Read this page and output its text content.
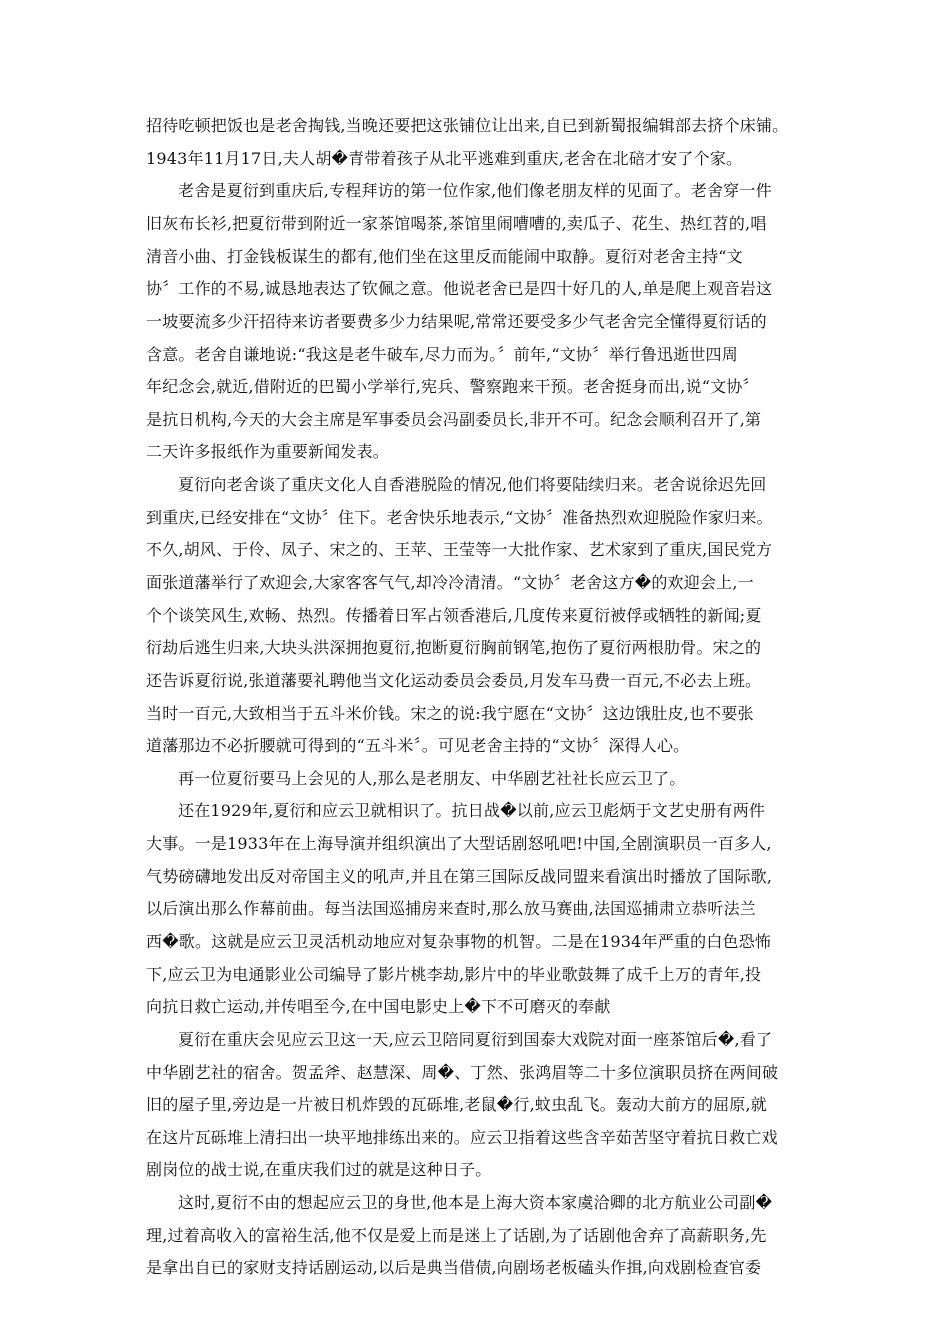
招待吃顿把饭也是老舍掏钱,当晚还要把这张铺位让出来,自已到新蜀报编辑部去挤个床铺。
1943年11月17日,夫人胡�青带着孩子从北平逃难到重庆,老舍在北碚才安了个家。
老舍是夏衍到重庆后,专程拜访的第一位作家,他们像老朋友样的见面了。老舍穿一件
旧灰布长衫,把夏衍带到附近一家茶馆喝茶,茶馆里闹嘈嘈的,卖瓜子、花生、热红苕的,唱
清音小曲、打金钱板谋生的都有,他们坐在这里反而能闹中取静。夏衍对老舍主持“文
协〞工作的不易,诚恳地表达了钦佩之意。他说老舍已是四十好几的人,单是爬上观音岩这
一坡要流多少汗招待来访者要费多少力结果呢,常常还要受多少气老舍完全懂得夏衍话的
含意。老舍自谦地说:“我这是老牛破车,尽力而为。〞前年,“文协〞举行鲁迅逝世四周
年纪念会,就近,借附近的巴蜀小学举行,宪兵、警察跑来干预。老舍挺身而出,说“文协〞
是抗日机构,今天的大会主席是军事委员会冯副委员长,非开不可。纪念会顺利召开了,第
二天许多报纸作为重要新闻发表。
夏衍向老舍谈了重庆文化人自香港脱险的情况,他们将要陆续归来。老舍说徐迟先回
到重庆,已经安排在“文协〞住下。老舍快乐地表示,“文协〞准备热烈欢迎脱险作家归来。
不久,胡风、于伶、凤子、宋之的、王苹、王莹等一大批作家、艺术家到了重庆,国民党方
面张道藩举行了欢迎会,大家客客气气,却冷冷清清。“文协〞老舍这方�的欢迎会上,一
个个谈笑风生,欢畅、热烈。传播着日军占领香港后,几度传来夏衍被俘或牺牲的新闻;夏
衍劫后逃生归来,大块头洪深拥抱夏衍,抱断夏衍胸前钢笔,抱伤了夏衍两根肋骨。宋之的
还告诉夏衍说,张道藩要礼聘他当文化运动委员会委员,月发车马费一百元,不必去上班。
当时一百元,大致相当于五斗米价钱。宋之的说:我宁愿在“文协〞这边饿肚皮,也不要张
道藩那边不必折腰就可得到的“五斗米〞。可见老舍主持的“文协〞深得人心。
再一位夏衍要马上会见的人,那么是老朋友、中华剧艺社社长应云卫了。
还在1929年,夏衍和应云卫就相识了。抗日战�以前,应云卫彪炳于文艺史册有两件
大事。一是1933年在上海导演并组织演出了大型话剧怒吼吧!中国,全剧演职员一百多人,
气势磅礴地发出反对帝国主义的吼声,并且在第三国际反战同盟来看演出时播放了国际歌,
以后演出那么作幕前曲。每当法国巡捕房来查时,那么放马赛曲,法国巡捕肃立恭听法兰
西�歌。这就是应云卫灵活机动地应对复杂事物的机智。二是在1934年严重的白色恐怖
下,应云卫为电通影业公司编导了影片桃李劫,影片中的毕业歌鼓舞了成千上万的青年,投
向抗日救亡运动,并传唱至今,在中国电影史上�下不可磨灭的奉献
夏衍在重庆会见应云卫这一天,应云卫陪同夏衍到国泰大戏院对面一座茶馆后�,看了
中华剧艺社的宿舍。贺孟斧、赵慧深、周�、丁然、张鸿眉等二十多位演职员挤在两间破
旧的屋子里,旁边是一片被日机炸毁的瓦砾堆,老鼠�行,蚊虫乱飞。轰动大前方的屈原,就
在这片瓦砾堆上清扫出一块平地排练出来的。应云卫指着这些含辛茹苦坚守着抗日救亡戏
剧岗位的战士说,在重庆我们过的就是这种日子。
这时,夏衍不由的想起应云卫的身世,他本是上海大资本家虞洽卿的北方航业公司副�
理,过着高收入的富裕生活,他不仅是爱上而是迷上了话剧,为了话剧他舍弃了高薪职务,先
是拿出自已的家财支持话剧运动,以后是典当借债,向剧场老板磕头作揖,向戏剧检查官委
